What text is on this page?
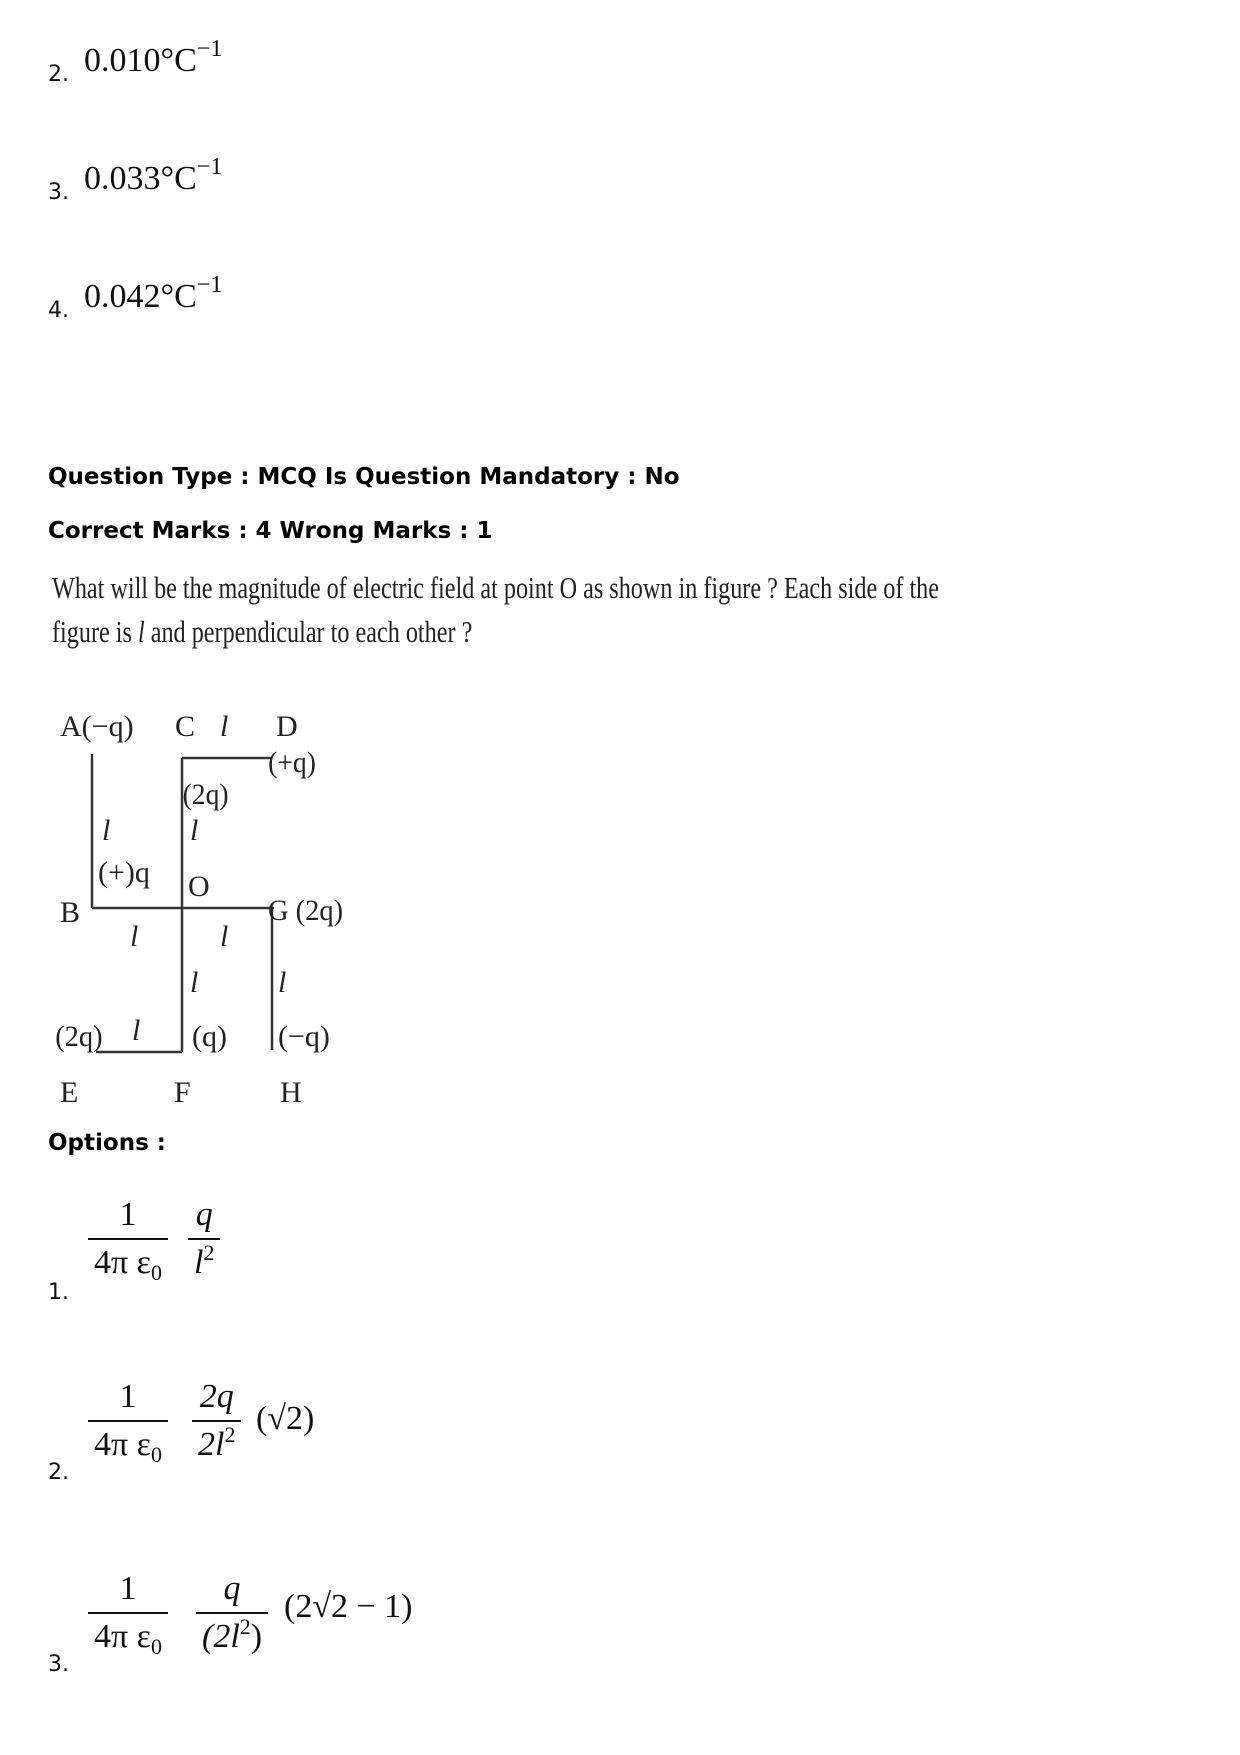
2. $0.010^\circ C^{-1}$
3. $0.033^\circ C^{-1}$
4. $0.042^\circ C^{-1}$
Question Type : MCQ Is Question Mandatory : No
Correct Marks : 4 Wrong Marks : 1
What will be the magnitude of electric field at point O as shown in figure ? Each side of the
figure is l and perpendicular to each other ?
A(−q) C l D
(+q)
(2q)
l
l
(+)q
B
O
G (2q)
l	l
l	l
(2q) l (q) (−q)
E	F	H
Options :
1.
$\frac{1}{4\pi \varepsilon_0} \frac{q}{l^2}$
2.
$\frac{1}{4\pi \varepsilon_0} \frac{2q}{2l^2} (√2)$
3.
$\frac{1}{4\pi \varepsilon_0} \frac{q}{(2l^2)} (2√2 - 1)$
